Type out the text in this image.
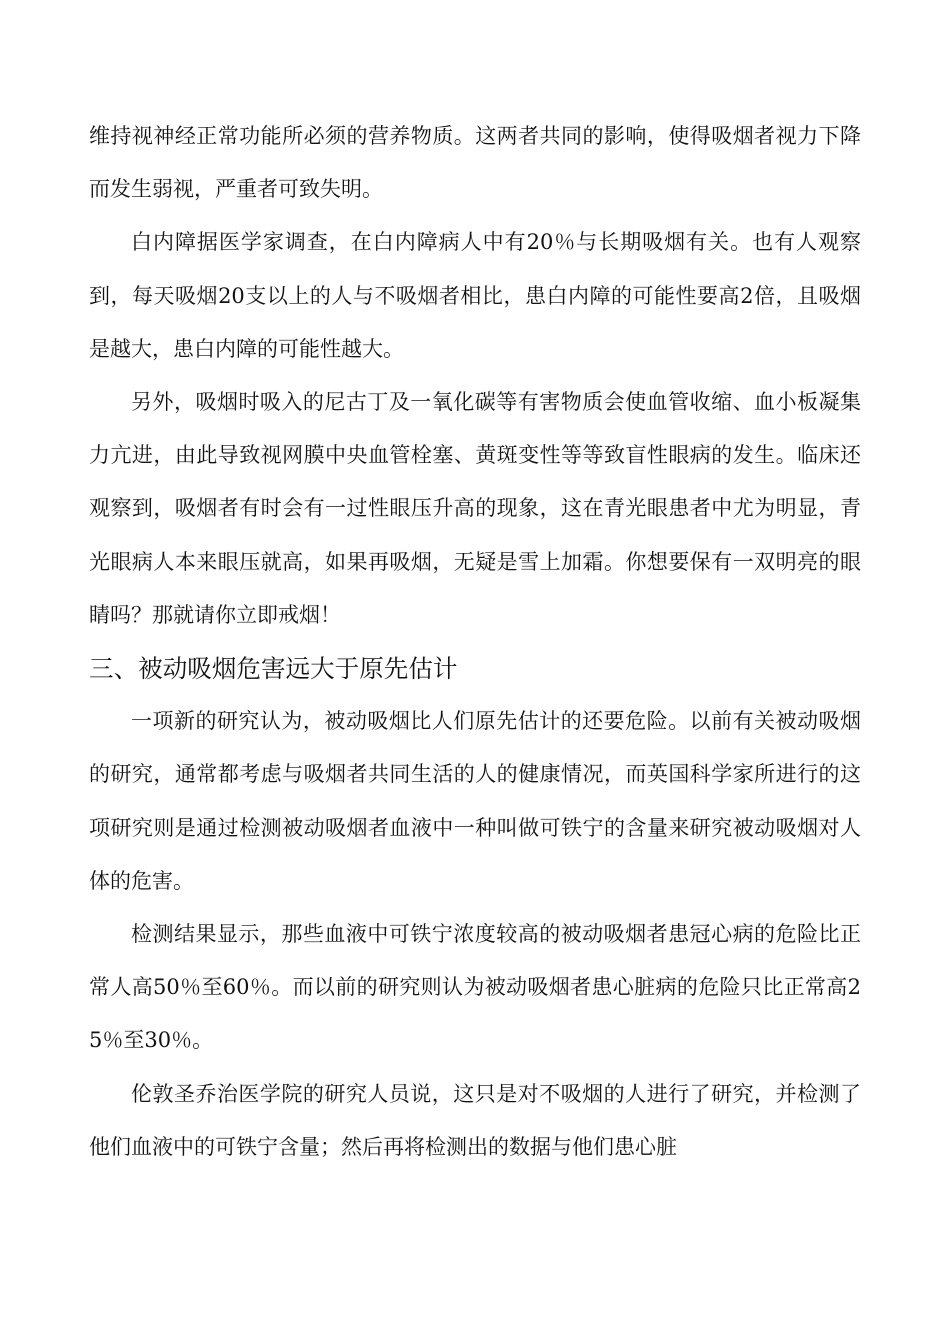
维持视神经正常功能所必须的营养物质。这两者共同的影响，使得吸烟者视力下降而发生弱视，严重者可致失明。

白内障据医学家调查，在白内障病人中有20％与长期吸烟有关。也有人观察到，每天吸烟20支以上的人与不吸烟者相比，患白内障的可能性要高2倍，且吸烟是越大，患白内障的可能性越大。

另外，吸烟时吸入的尼古丁及一氧化碳等有害物质会使血管收缩、血小板凝集力亢进，由此导致视网膜中央血管栓塞、黄斑变性等等致盲性眼病的发生。临床还观察到，吸烟者有时会有一过性眼压升高的现象，这在青光眼患者中尤为明显，青光眼病人本来眼压就高，如果再吸烟，无疑是雪上加霜。你想要保有一双明亮的眼睛吗？那就请你立即戒烟！

三、被动吸烟危害远大于原先估计

一项新的研究认为，被动吸烟比人们原先估计的还要危险。以前有关被动吸烟的研究，通常都考虑与吸烟者共同生活的人的健康情况，而英国科学家所进行的这项研究则是通过检测被动吸烟者血液中一种叫做可铁宁的含量来研究被动吸烟对人体的危害。

检测结果显示，那些血液中可铁宁浓度较高的被动吸烟者患冠心病的危险比正常人高50％至60％。而以前的研究则认为被动吸烟者患心脏病的危险只比正常高25％至30％。

伦敦圣乔治医学院的研究人员说，这只是对不吸烟的人进行了研究，并检测了他们血液中的可铁宁含量；然后再将检测出的数据与他们患心脏
